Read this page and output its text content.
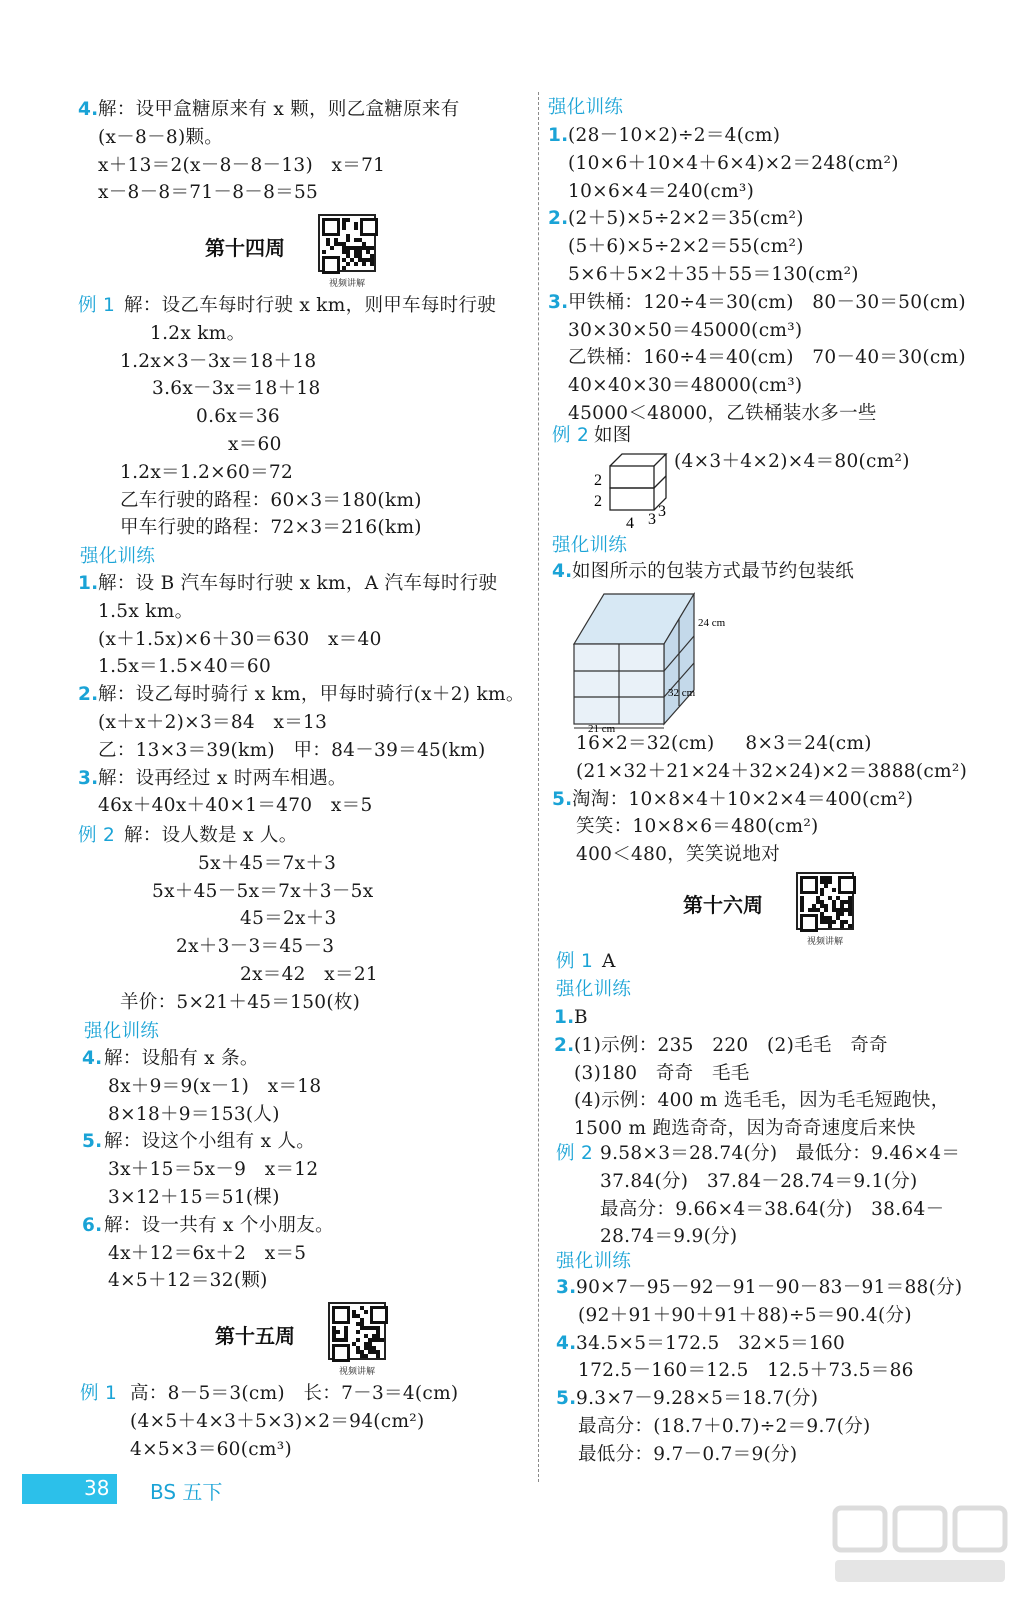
第十四周
第十五周
第十六周
视频讲解
视频讲解
视频讲解
2
2
4 3 3
24 cm
32 cm
21 cm
38 BS 五下
4. 解：设甲盒糖原来有 x 颗，则乙盒糖原来有
(x－8－8)颗。
x＋13＝2(x－8－8－13)   x＝71
x－8－8＝71－8－8＝55
例 1 解：设乙车每时行驶 x km，则甲车每时行驶
1.2x km。
1.2x×3－3x＝18＋18
3.6x－3x＝18＋18
0.6x＝36
x＝60
1.2x＝1.2×60＝72
乙车行驶的路程：60×3＝180(km)
甲车行驶的路程：72×3＝216(km)
强化训练
1. 解：设 B 汽车每时行驶 x km，A 汽车每时行驶
1.5x km。
(x＋1.5x)×6＋30＝630   x＝40
1.5x＝1.5×40＝60
2. 解：设乙每时骑行 x km，甲每时骑行(x＋2) km。
(x＋x＋2)×3＝84   x＝13
乙：13×3＝39(km)   甲：84－39＝45(km)
3. 解：设再经过 x 时两车相遇。
46x＋40x＋40×1＝470   x＝5
例 2 解：设人数是 x 人。
5x＋45＝7x＋3
5x＋45－5x＝7x＋3－5x
45＝2x＋3
2x＋3－3＝45－3
2x＝42   x＝21
羊价：5×21＋45＝150(枚)
强化训练
4. 解：设船有 x 条。
8x＋9＝9(x－1)   x＝18
8×18＋9＝153(人)
5. 解：设这个小组有 x 人。
3x＋15＝5x－9   x＝12
3×12＋15＝51(棵)
6. 解：设一共有 x 个小朋友。
4x＋12＝6x＋2   x＝5
4×5＋12＝32(颗)
例 1 高：8－5＝3(cm)   长：7－3＝4(cm)
(4×5＋4×3＋5×3)×2＝94(cm²)
4×5×3＝60(cm³)
强化训练
1. (28－10×2)÷2＝4(cm)
(10×6＋10×4＋6×4)×2＝248(cm²)
10×6×4＝240(cm³)
2. (2＋5)×5÷2×2＝35(cm²)
(5＋6)×5÷2×2＝55(cm²)
5×6＋5×2＋35＋55＝130(cm²)
3. 甲铁桶：120÷4＝30(cm)   80－30＝50(cm)
30×30×50＝45000(cm³)
乙铁桶：160÷4＝40(cm)   70－40＝30(cm)
40×40×30＝48000(cm³)
45000＜48000，乙铁桶装水多一些
例 2 如图
(4×3＋4×2)×4＝80(cm²)
强化训练
4. 如图所示的包装方式最节约包装纸
16×2＝32(cm)     8×3＝24(cm)
(21×32＋21×24＋32×24)×2＝3888(cm²)
5. 淘淘：10×8×4＋10×2×4＝400(cm²)
笑笑：10×8×6＝480(cm²)
400＜480，笑笑说地对
例 1 A
强化训练
1. B
2. (1)示例：235   220   (2)毛毛   奇奇
(3)180   奇奇   毛毛
(4)示例：400 m 选毛毛，因为毛毛短跑快，
1500 m 跑选奇奇，因为奇奇速度后来快
例 2 9.58×3＝28.74(分)   最低分：9.46×4＝
37.84(分)   37.84－28.74＝9.1(分)
最高分：9.66×4＝38.64(分)   38.64－
28.74＝9.9(分)
强化训练
3. 90×7－95－92－91－90－83－91＝88(分)
(92＋91＋90＋91＋88)÷5＝90.4(分)
4. 34.5×5＝172.5   32×5＝160
172.5－160＝12.5   12.5＋73.5＝86
5. 9.3×7－9.28×5＝18.7(分)
最高分：(18.7＋0.7)÷2＝9.7(分)
最低分：9.7－0.7＝9(分)
